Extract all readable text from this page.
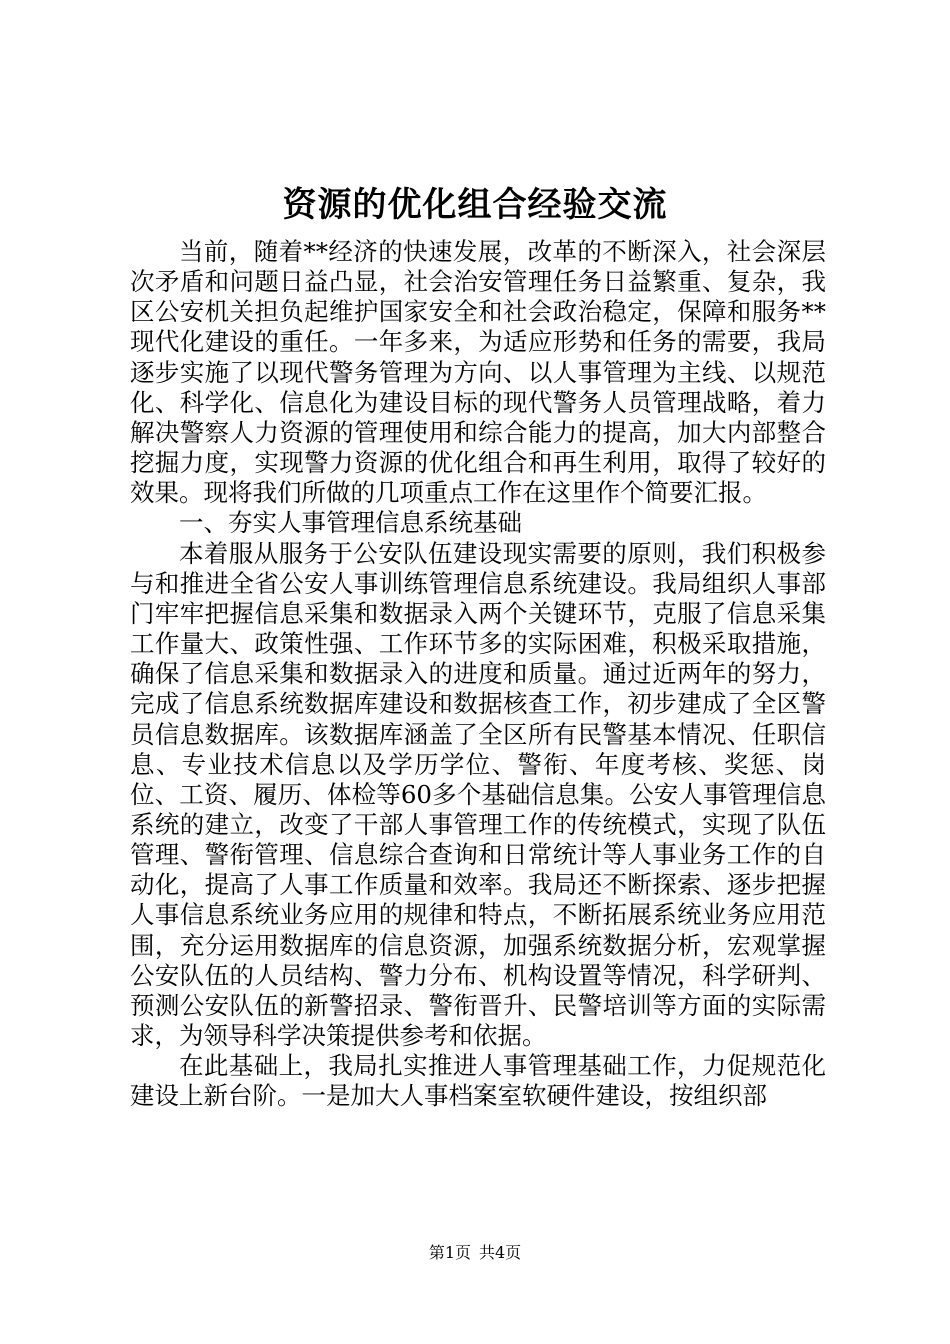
资源的优化组合经验交流

当前，随着**经济的快速发展，改革的不断深入，社会深层次矛盾和问题日益凸显，社会治安管理任务日益繁重、复杂，我区公安机关担负起维护国家安全和社会政治稳定，保障和服务**现代化建设的重任。一年多来，为适应形势和任务的需要，我局逐步实施了以现代警务管理为方向、以人事管理为主线、以规范化、科学化、信息化为建设目标的现代警务人员管理战略，着力解决警察人力资源的管理使用和综合能力的提高，加大内部整合挖掘力度，实现警力资源的优化组合和再生利用，取得了较好的效果。现将我们所做的几项重点工作在这里作个简要汇报。

一、夯实人事管理信息系统基础

本着服从服务于公安队伍建设现实需要的原则，我们积极参与和推进全省公安人事训练管理信息系统建设。我局组织人事部门牢牢把握信息采集和数据录入两个关键环节，克服了信息采集工作量大、政策性强、工作环节多的实际困难，积极采取措施，确保了信息采集和数据录入的进度和质量。通过近两年的努力，完成了信息系统数据库建设和数据核查工作，初步建成了全区警员信息数据库。该数据库涵盖了全区所有民警基本情况、任职信息、专业技术信息以及学历学位、警衔、年度考核、奖惩、岗位、工资、履历、体检等60多个基础信息集。公安人事管理信息系统的建立，改变了干部人事管理工作的传统模式，实现了队伍管理、警衔管理、信息综合查询和日常统计等人事业务工作的自动化，提高了人事工作质量和效率。我局还不断探索、逐步把握人事信息系统业务应用的规律和特点，不断拓展系统业务应用范围，充分运用数据库的信息资源，加强系统数据分析，宏观掌握公安队伍的人员结构、警力分布、机构设置等情况，科学研判、预测公安队伍的新警招录、警衔晋升、民警培训等方面的实际需求，为领导科学决策提供参考和依据。

在此基础上，我局扎实推进人事管理基础工作，力促规范化建设上新台阶。一是加大人事档案室软硬件建设，按组织部

第1页 共4页
